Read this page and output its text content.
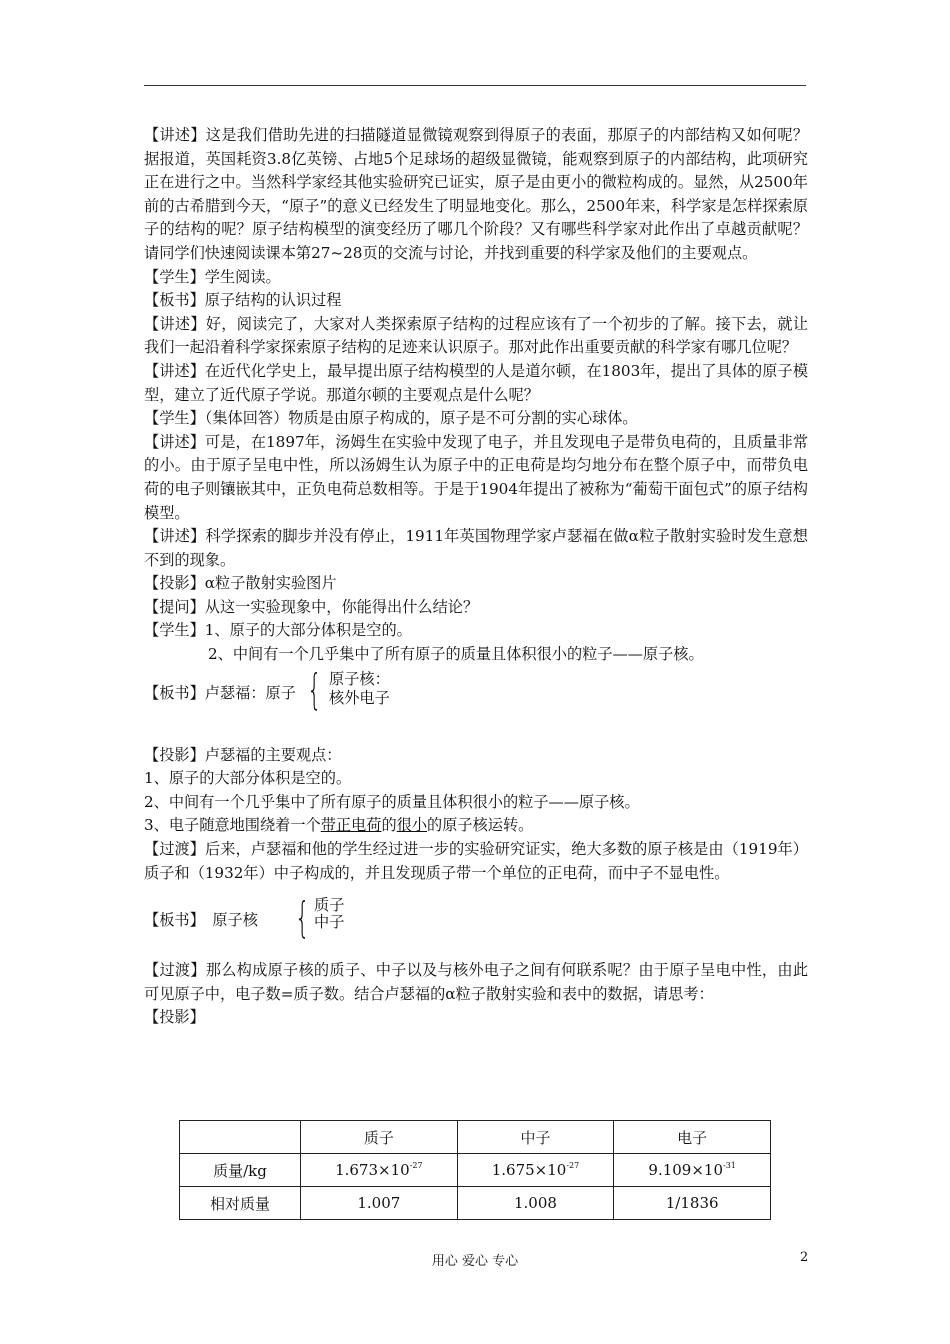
【讲述】这是我们借助先进的扫描隧道显微镜观察到得原子的表面，那原子的内部结构又如何呢？据报道，英国耗资3.8亿英镑、占地5个足球场的超级显微镜，能观察到原子的内部结构，此项研究正在进行之中。当然科学家经其他实验研究已证实，原子是由更小的微粒构成的。显然，从2500年前的古希腊到今天，“原子”的意义已经发生了明显地变化。那么，2500年来，科学家是怎样探索原子的结构的呢？原子结构模型的演变经历了哪几个阶段？又有哪些科学家对此作出了卓越贡献呢？请同学们快速阅读课本第27~28页的交流与讨论，并找到重要的科学家及他们的主要观点。

【学生】学生阅读。

【板书】原子结构的认识过程

【讲述】好，阅读完了，大家对人类探索原子结构的过程应该有了一个初步的了解。接下去，就让我们一起沿着科学家探索原子结构的足迹来认识原子。那对此作出重要贡献的科学家有哪几位呢？

【讲述】在近代化学史上，最早提出原子结构模型的人是道尔顿，在1803年，提出了具体的原子模型，建立了近代原子学说。那道尔顿的主要观点是什么呢？

【学生】（集体回答）物质是由原子构成的，原子是不可分割的实心球体。

【讲述】可是，在1897年，汤姆生在实验中发现了电子，并且发现电子是带负电荷的，且质量非常的小。由于原子呈电中性，所以汤姆生认为原子中的正电荷是均匀地分布在整个原子中，而带负电荷的电子则镶嵌其中，正负电荷总数相等。于是于1904年提出了被称为“葡萄干面包式”的原子结构模型。

【讲述】科学探索的脚步并没有停止，1911年英国物理学家卢瑟福在做α粒子散射实验时发生意想不到的现象。

【投影】α粒子散射实验图片

【提问】从这一实验现象中，你能得出什么结论？

【学生】1、原子的大部分体积是空的。

2、中间有一个几乎集中了所有原子的质量且体积很小的粒子——原子核。

【板书】卢瑟福：原子 { 原子核：
核外电子

【投影】卢瑟福的主要观点：

1、原子的大部分体积是空的。

2、中间有一个几乎集中了所有原子的质量且体积很小的粒子——原子核。

3、电子随意地围绕着一个带正电荷的很小的原子核运转。

【过渡】后来，卢瑟福和他的学生经过进一步的实验研究证实，绝大多数的原子核是由（1919年）质子和（1932年）中子构成的，并且发现质子带一个单位的正电荷，而中子不显电性。

【板书】　原子核 { 质子
中子

【过渡】那么构成原子核的质子、中子以及与核外电子之间有何联系呢？由于原子呈电中性，由此可见原子中，电子数=质子数。结合卢瑟福的α粒子散射实验和表中的数据，请思考：

【投影】

	质子	中子	电子
质量/kg	$1.673\times 10^{-27}$	$1.675\times 10^{-27}$	$9.109\times 10^{-31}$
相对质量	1.007	1.008	1/1836
用心 爱心 专心	2
